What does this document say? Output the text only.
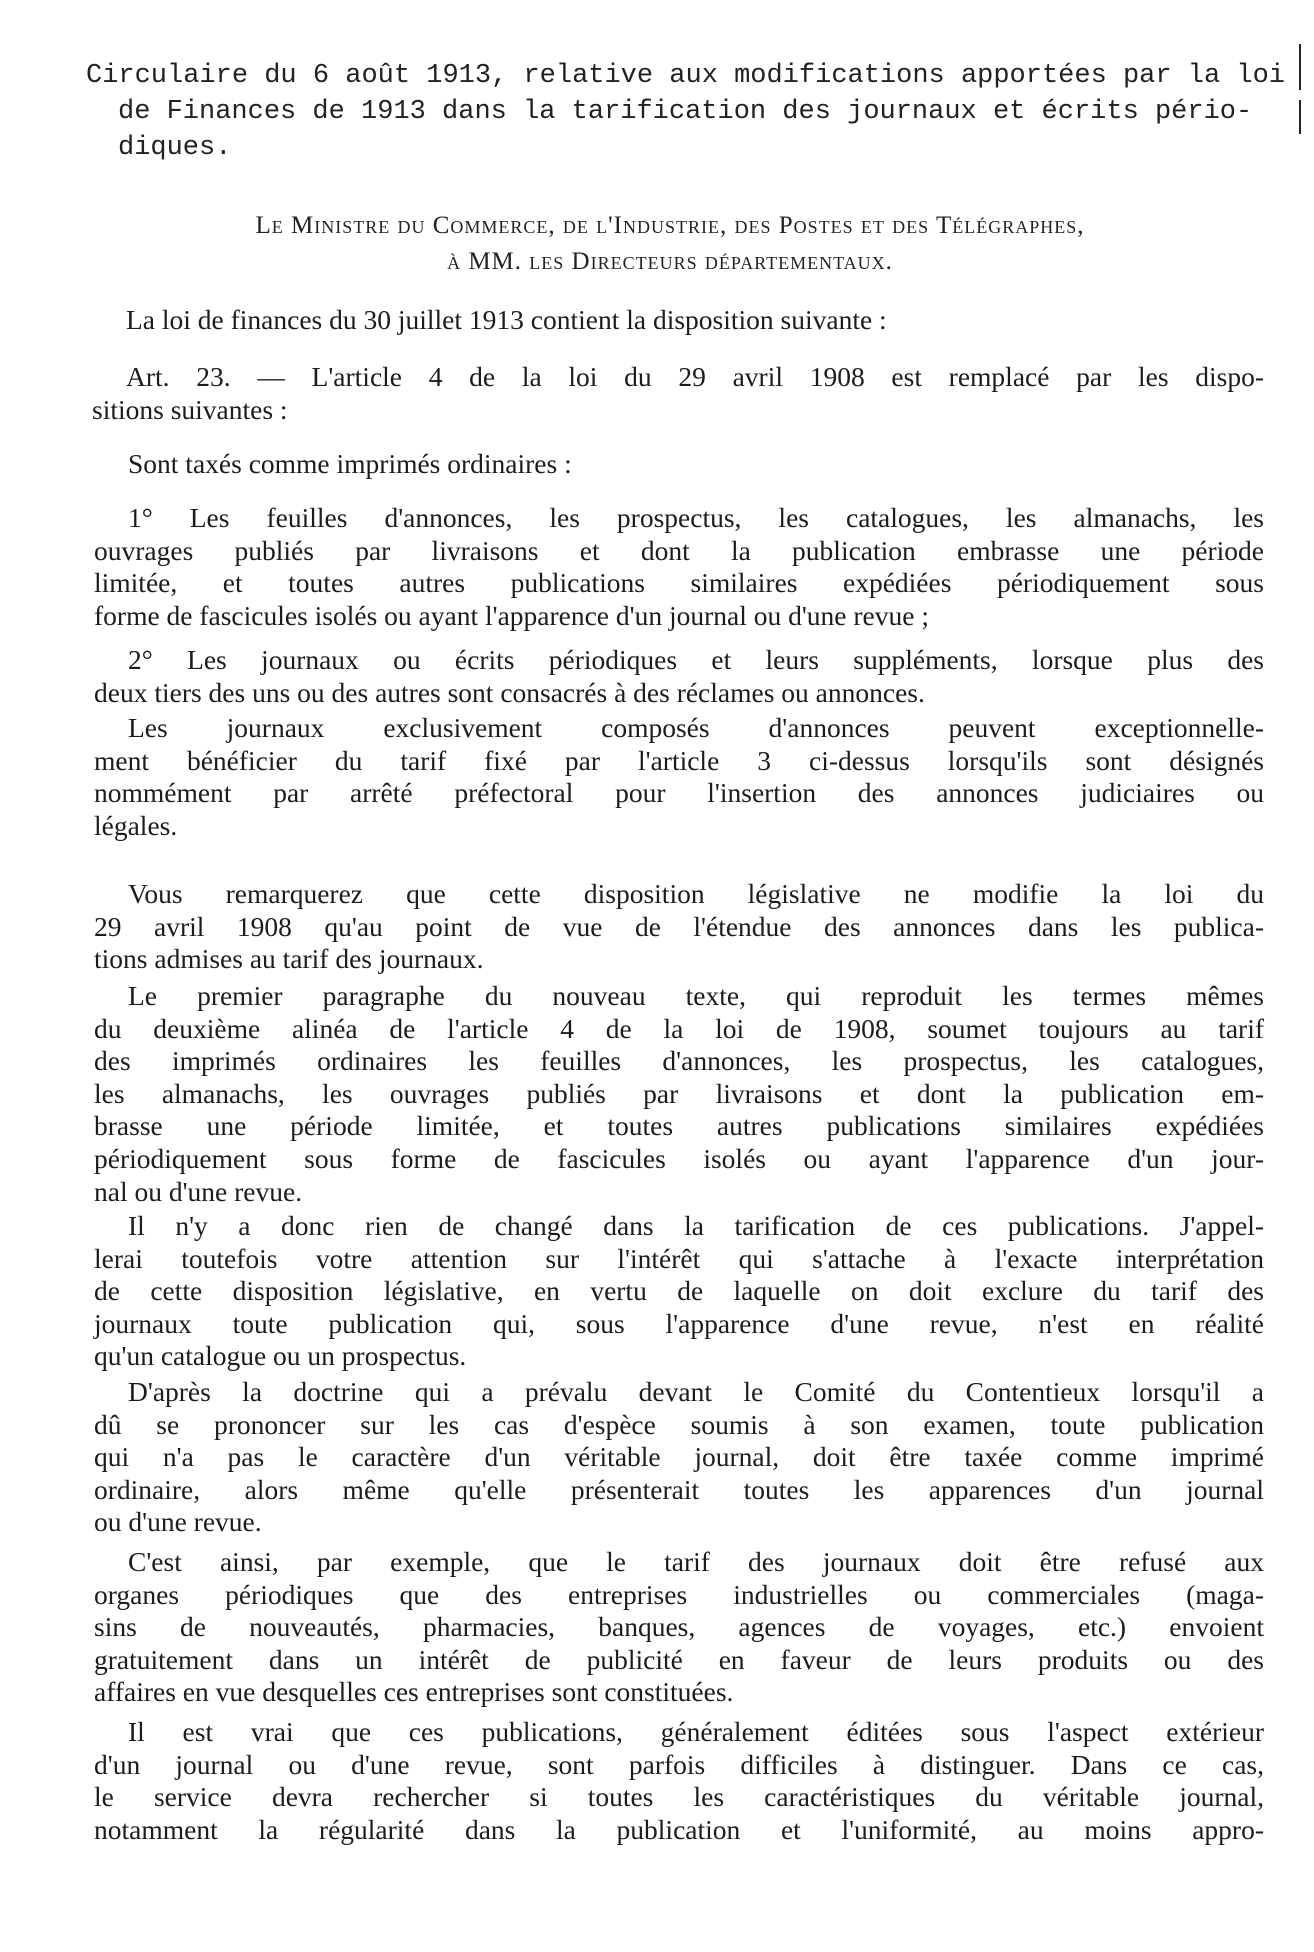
Circulaire du 6 août 1913, relative aux modifications apportées par la loi
de Finances de 1913 dans la tarification des journaux et écrits pério-
diques.
Le Ministre du Commerce, de l'Industrie, des Postes et des Télégraphes,
à MM. les Directeurs départementaux.
La loi de finances du 30 juillet 1913 contient la disposition suivante :
Art. 23. — L'article 4 de la loi du 29 avril 1908 est remplacé par les dispo-
sitions suivantes :
Sont taxés comme imprimés ordinaires :
1° Les feuilles d'annonces, les prospectus, les catalogues, les almanachs, les
ouvrages publiés par livraisons et dont la publication embrasse une période
limitée, et toutes autres publications similaires expédiées périodiquement sous
forme de fascicules isolés ou ayant l'apparence d'un journal ou d'une revue ;
2° Les journaux ou écrits périodiques et leurs suppléments, lorsque plus des
deux tiers des uns ou des autres sont consacrés à des réclames ou annonces.
Les journaux exclusivement composés d'annonces peuvent exceptionnelle-
ment bénéficier du tarif fixé par l'article 3 ci-dessus lorsqu'ils sont désignés
nommément par arrêté préfectoral pour l'insertion des annonces judiciaires ou
légales.
Vous remarquerez que cette disposition législative ne modifie la loi du
29 avril 1908 qu'au point de vue de l'étendue des annonces dans les publica-
tions admises au tarif des journaux.
Le premier paragraphe du nouveau texte, qui reproduit les termes mêmes
du deuxième alinéa de l'article 4 de la loi de 1908, soumet toujours au tarif
des imprimés ordinaires les feuilles d'annonces, les prospectus, les catalogues,
les almanachs, les ouvrages publiés par livraisons et dont la publication em-
brasse une période limitée, et toutes autres publications similaires expédiées
périodiquement sous forme de fascicules isolés ou ayant l'apparence d'un jour-
nal ou d'une revue.
Il n'y a donc rien de changé dans la tarification de ces publications. J'appel-
lerai toutefois votre attention sur l'intérêt qui s'attache à l'exacte interprétation
de cette disposition législative, en vertu de laquelle on doit exclure du tarif des
journaux toute publication qui, sous l'apparence d'une revue, n'est en réalité
qu'un catalogue ou un prospectus.
D'après la doctrine qui a prévalu devant le Comité du Contentieux lorsqu'il a
dû se prononcer sur les cas d'espèce soumis à son examen, toute publication
qui n'a pas le caractère d'un véritable journal, doit être taxée comme imprimé
ordinaire, alors même qu'elle présenterait toutes les apparences d'un journal
ou d'une revue.
C'est ainsi, par exemple, que le tarif des journaux doit être refusé aux
organes périodiques que des entreprises industrielles ou commerciales (maga-
sins de nouveautés, pharmacies, banques, agences de voyages, etc.) envoient
gratuitement dans un intérêt de publicité en faveur de leurs produits ou des
affaires en vue desquelles ces entreprises sont constituées.
Il est vrai que ces publications, généralement éditées sous l'aspect extérieur
d'un journal ou d'une revue, sont parfois difficiles à distinguer. Dans ce cas,
le service devra rechercher si toutes les caractéristiques du véritable journal,
notamment la régularité dans la publication et l'uniformité, au moins appro-
